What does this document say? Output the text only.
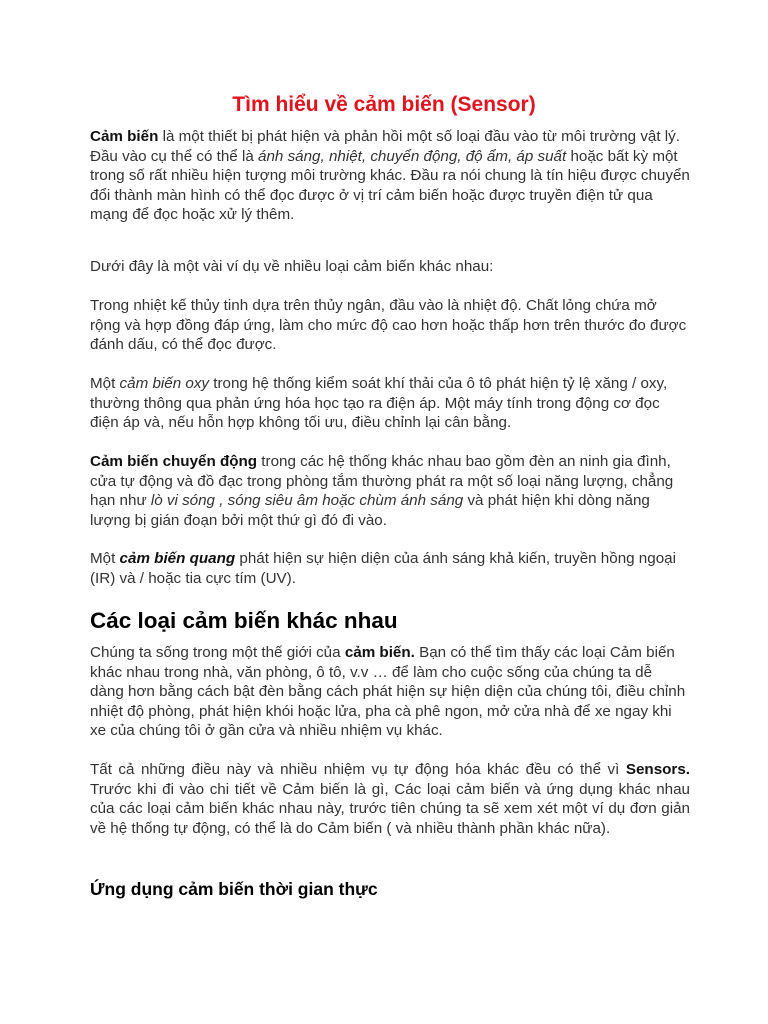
Tìm hiểu về cảm biến (Sensor)

Cảm biến là một thiết bị phát hiện và phản hồi một số loại đầu vào từ môi trường vật lý. Đầu vào cụ thể có thể là ánh sáng, nhiệt, chuyển động, độ ẩm, áp suất hoặc bất kỳ một trong số rất nhiều hiện tượng môi trường khác. Đầu ra nói chung là tín hiệu được chuyển đổi thành màn hình có thể đọc được ở vị trí cảm biến hoặc được truyền điện tử qua mạng để đọc hoặc xử lý thêm.

Dưới đây là một vài ví dụ về nhiều loại cảm biến khác nhau:

Trong nhiệt kế thủy tinh dựa trên thủy ngân, đầu vào là nhiệt độ. Chất lỏng chứa mở rộng và hợp đồng đáp ứng, làm cho mức độ cao hơn hoặc thấp hơn trên thước đo được đánh dấu, có thể đọc được.

Một cảm biến oxy trong hệ thống kiểm soát khí thải của ô tô phát hiện tỷ lệ xăng / oxy, thường thông qua phản ứng hóa học tạo ra điện áp. Một máy tính trong động cơ đọc điện áp và, nếu hỗn hợp không tối ưu, điều chỉnh lại cân bằng.

Cảm biến chuyển động trong các hệ thống khác nhau bao gồm đèn an ninh gia đình, cửa tự động và đồ đạc trong phòng tắm thường phát ra một số loại năng lượng, chẳng hạn như lò vi sóng , sóng siêu âm hoặc chùm ánh sáng và phát hiện khi dòng năng lượng bị gián đoạn bởi một thứ gì đó đi vào.

Một cảm biến quang phát hiện sự hiện diện của ánh sáng khả kiến, truyền hồng ngoại (IR) và / hoặc tia cực tím (UV).

Các loại cảm biến khác nhau

Chúng ta sống trong một thế giới của cảm biến. Bạn có thể tìm thấy các loại Cảm biến khác nhau trong nhà, văn phòng, ô tô, v.v … để làm cho cuộc sống của chúng ta dễ dàng hơn bằng cách bật đèn bằng cách phát hiện sự hiện diện của chúng tôi, điều chỉnh nhiệt độ phòng, phát hiện khói hoặc lửa, pha cà phê ngon, mở cửa nhà để xe ngay khi xe của chúng tôi ở gần cửa và nhiều nhiệm vụ khác.

Tất cả những điều này và nhiều nhiệm vụ tự động hóa khác đều có thể vì Sensors. Trước khi đi vào chi tiết về Cảm biến là gì, Các loại cảm biến và ứng dụng khác nhau của các loại cảm biến khác nhau này, trước tiên chúng ta sẽ xem xét một ví dụ đơn giản về hệ thống tự động, có thể là do Cảm biến ( và nhiều thành phần khác nữa).

Ứng dụng cảm biến thời gian thực
